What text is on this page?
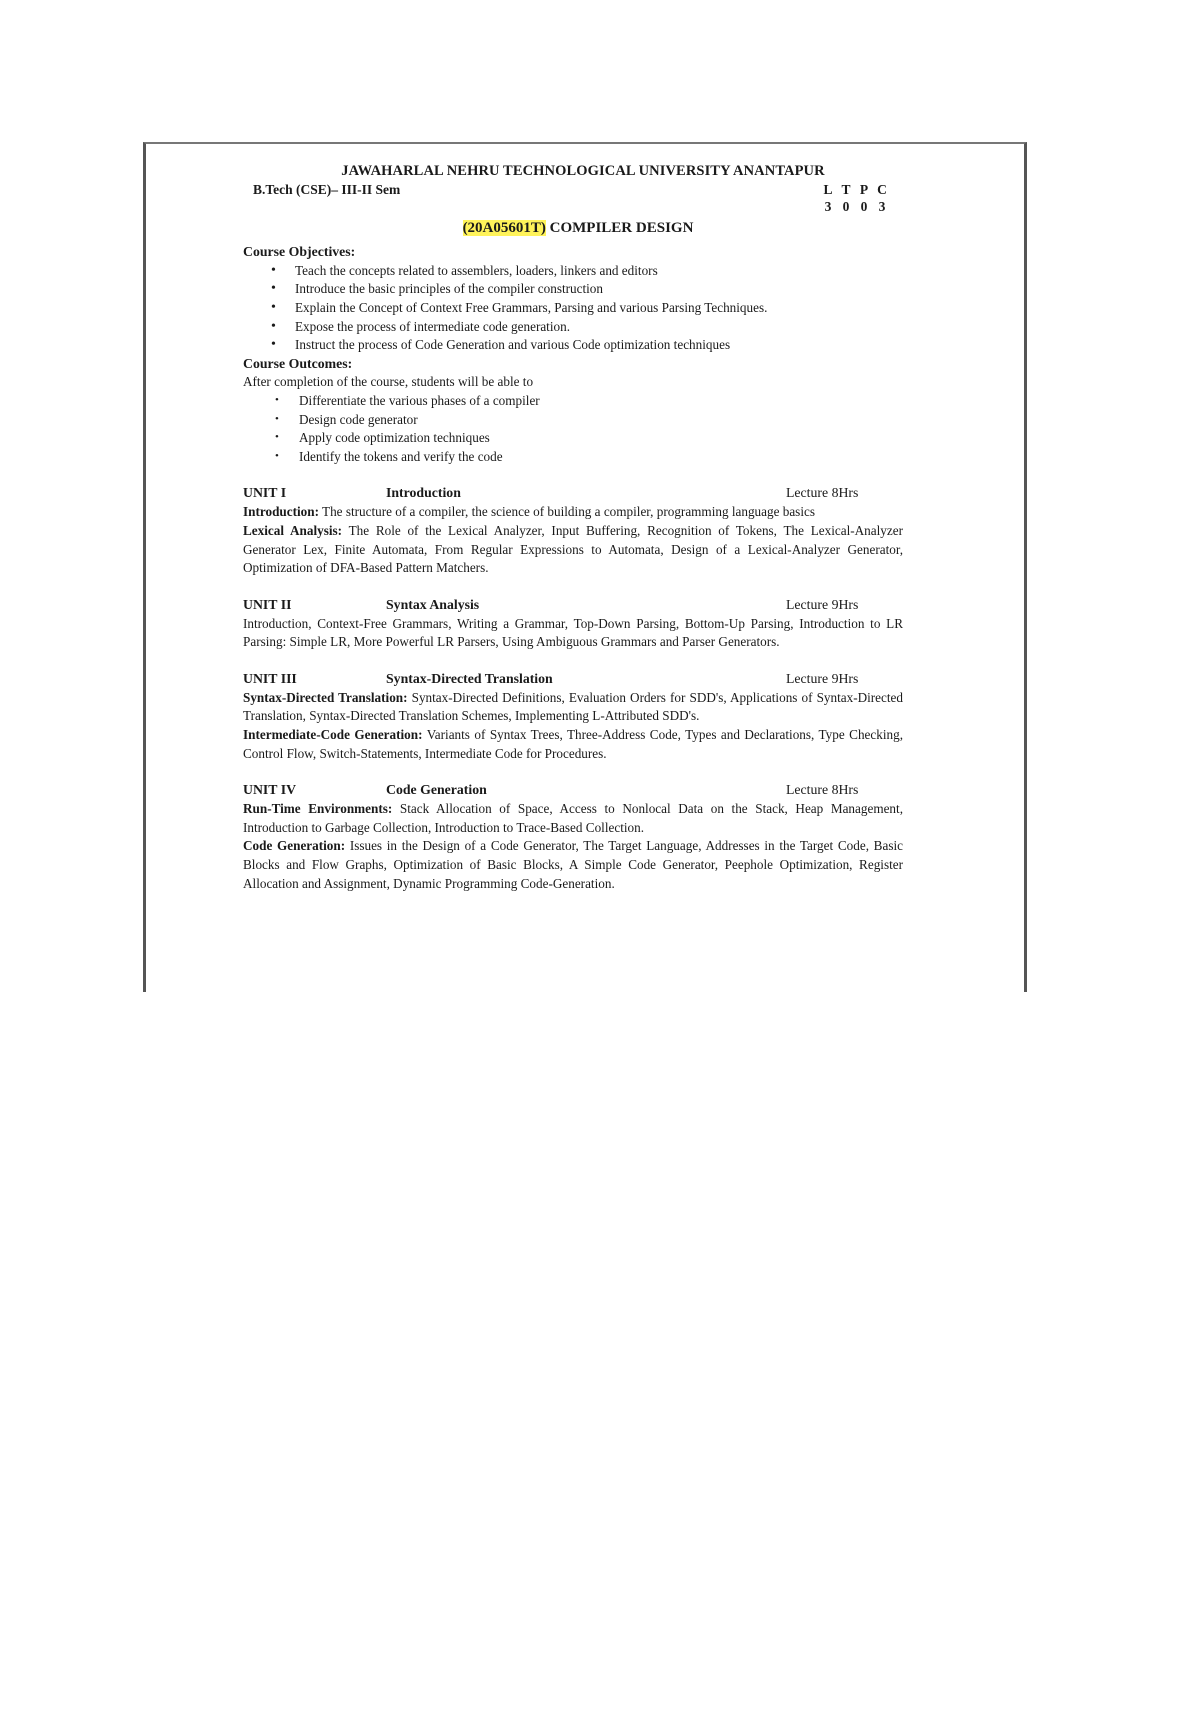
JAWAHARLAL NEHRU TECHNOLOGICAL UNIVERSITY ANANTAPUR
B.Tech (CSE)– III-II Sem	L T P C
3 0 0 3
(20A05601T) COMPILER DESIGN
Course Objectives:
• Teach the concepts related to assemblers, loaders, linkers and editors
• Introduce the basic principles of the compiler construction
• Explain the Concept of Context Free Grammars, Parsing and various Parsing Techniques.
• Expose the process of intermediate code generation.
• Instruct the process of Code Generation and various Code optimization techniques
Course Outcomes:
After completion of the course, students will be able to
• Differentiate the various phases of a compiler
• Design code generator
• Apply code optimization techniques
• Identify the tokens and verify the code
UNIT I	Introduction	Lecture 8Hrs

Introduction: The structure of a compiler, the science of building a compiler, programming language basics

Lexical Analysis: The Role of the Lexical Analyzer, Input Buffering, Recognition of Tokens, The Lexical-Analyzer Generator Lex, Finite Automata, From Regular Expressions to Automata, Design of a Lexical-Analyzer Generator, Optimization of DFA-Based Pattern Matchers.

UNIT II	Syntax Analysis	Lecture 9Hrs

Introduction, Context-Free Grammars, Writing a Grammar, Top-Down Parsing, Bottom-Up Parsing, Introduction to LR Parsing: Simple LR, More Powerful LR Parsers, Using Ambiguous Grammars and Parser Generators.

UNIT III	Syntax-Directed Translation	Lecture 9Hrs

Syntax-Directed Translation: Syntax-Directed Definitions, Evaluation Orders for SDD's, Applications of Syntax-Directed Translation, Syntax-Directed Translation Schemes, Implementing L-Attributed SDD's.

Intermediate-Code Generation: Variants of Syntax Trees, Three-Address Code, Types and Declarations, Type Checking, Control Flow, Switch-Statements, Intermediate Code for Procedures.

UNIT IV	Code Generation	Lecture 8Hrs

Run-Time Environments: Stack Allocation of Space, Access to Nonlocal Data on the Stack, Heap Management, Introduction to Garbage Collection, Introduction to Trace-Based Collection.

Code Generation: Issues in the Design of a Code Generator, The Target Language, Addresses in the Target Code, Basic Blocks and Flow Graphs, Optimization of Basic Blocks, A Simple Code Generator, Peephole Optimization, Register Allocation and Assignment, Dynamic Programming Code-Generation.
